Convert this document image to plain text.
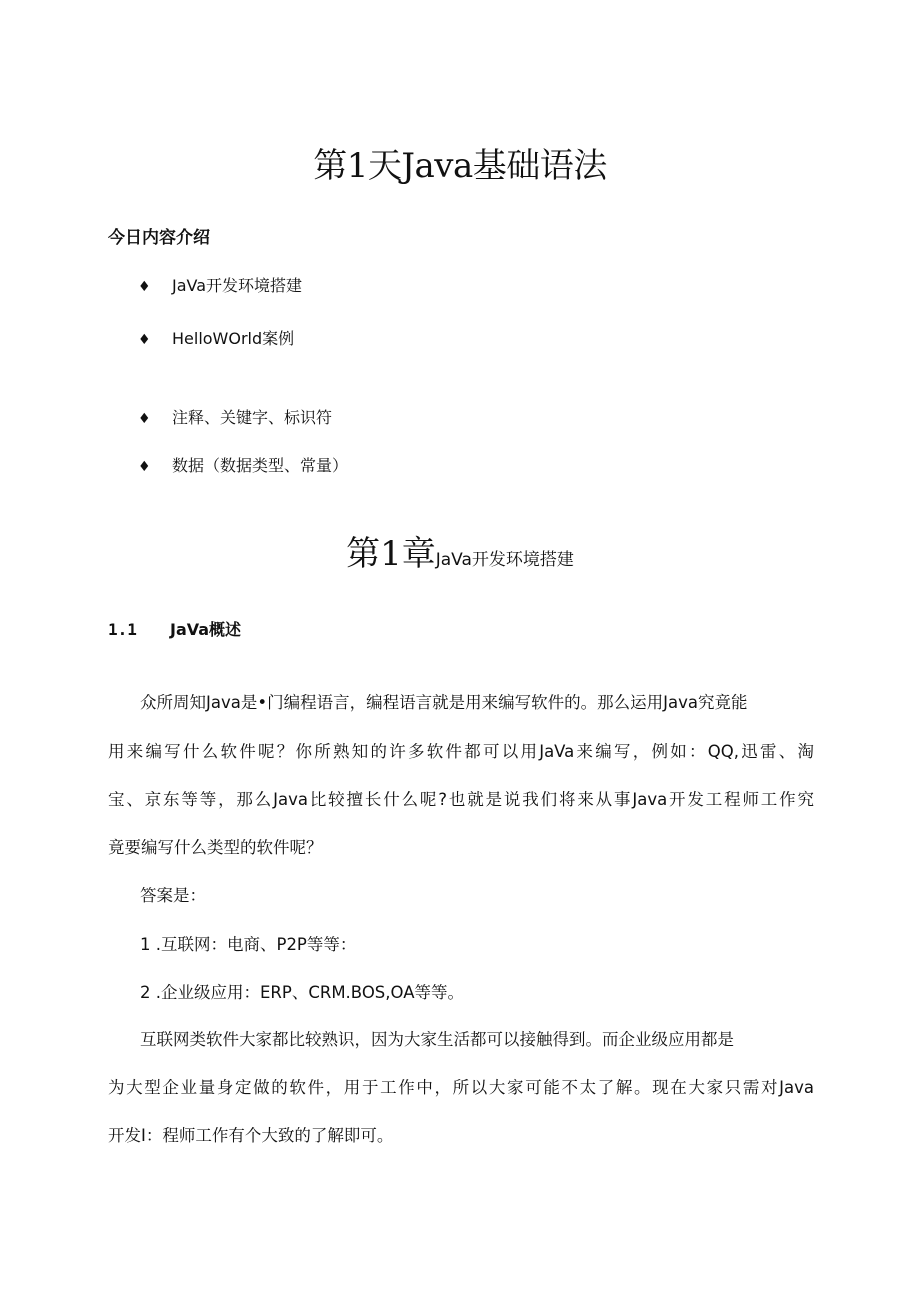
第1天Java基础语法
今日内容介绍
♦ JaVa开发环境搭建
♦ HelloWOrld案例
♦ 注释、关键字、标识符
♦ 数据（数据类型、常量）
第1章JaVa开发环境搭建
1.1 JaVa概述
众所周知Java是•门编程语言，编程语言就是用来编写软件的。那么运用Java究竟能
用来编写什么软件呢？你所熟知的许多软件都可以用JaVa来编写，例如：QQ,迅雷、淘
宝、京东等等，那么Java比较擅长什么呢?也就是说我们将来从事Java开发工程师工作究
竟要编写什么类型的软件呢？
答案是：
1 .互联网：电商、P2P等等：
2 .企业级应用：ERP、CRM.BOS,OA等等。
互联网类软件大家都比较熟识，因为大家生活都可以接触得到。而企业级应用都是
为大型企业量身定做的软件，用于工作中，所以大家可能不太了解。现在大家只需对Java
开发I：程师工作有个大致的了解即可。
